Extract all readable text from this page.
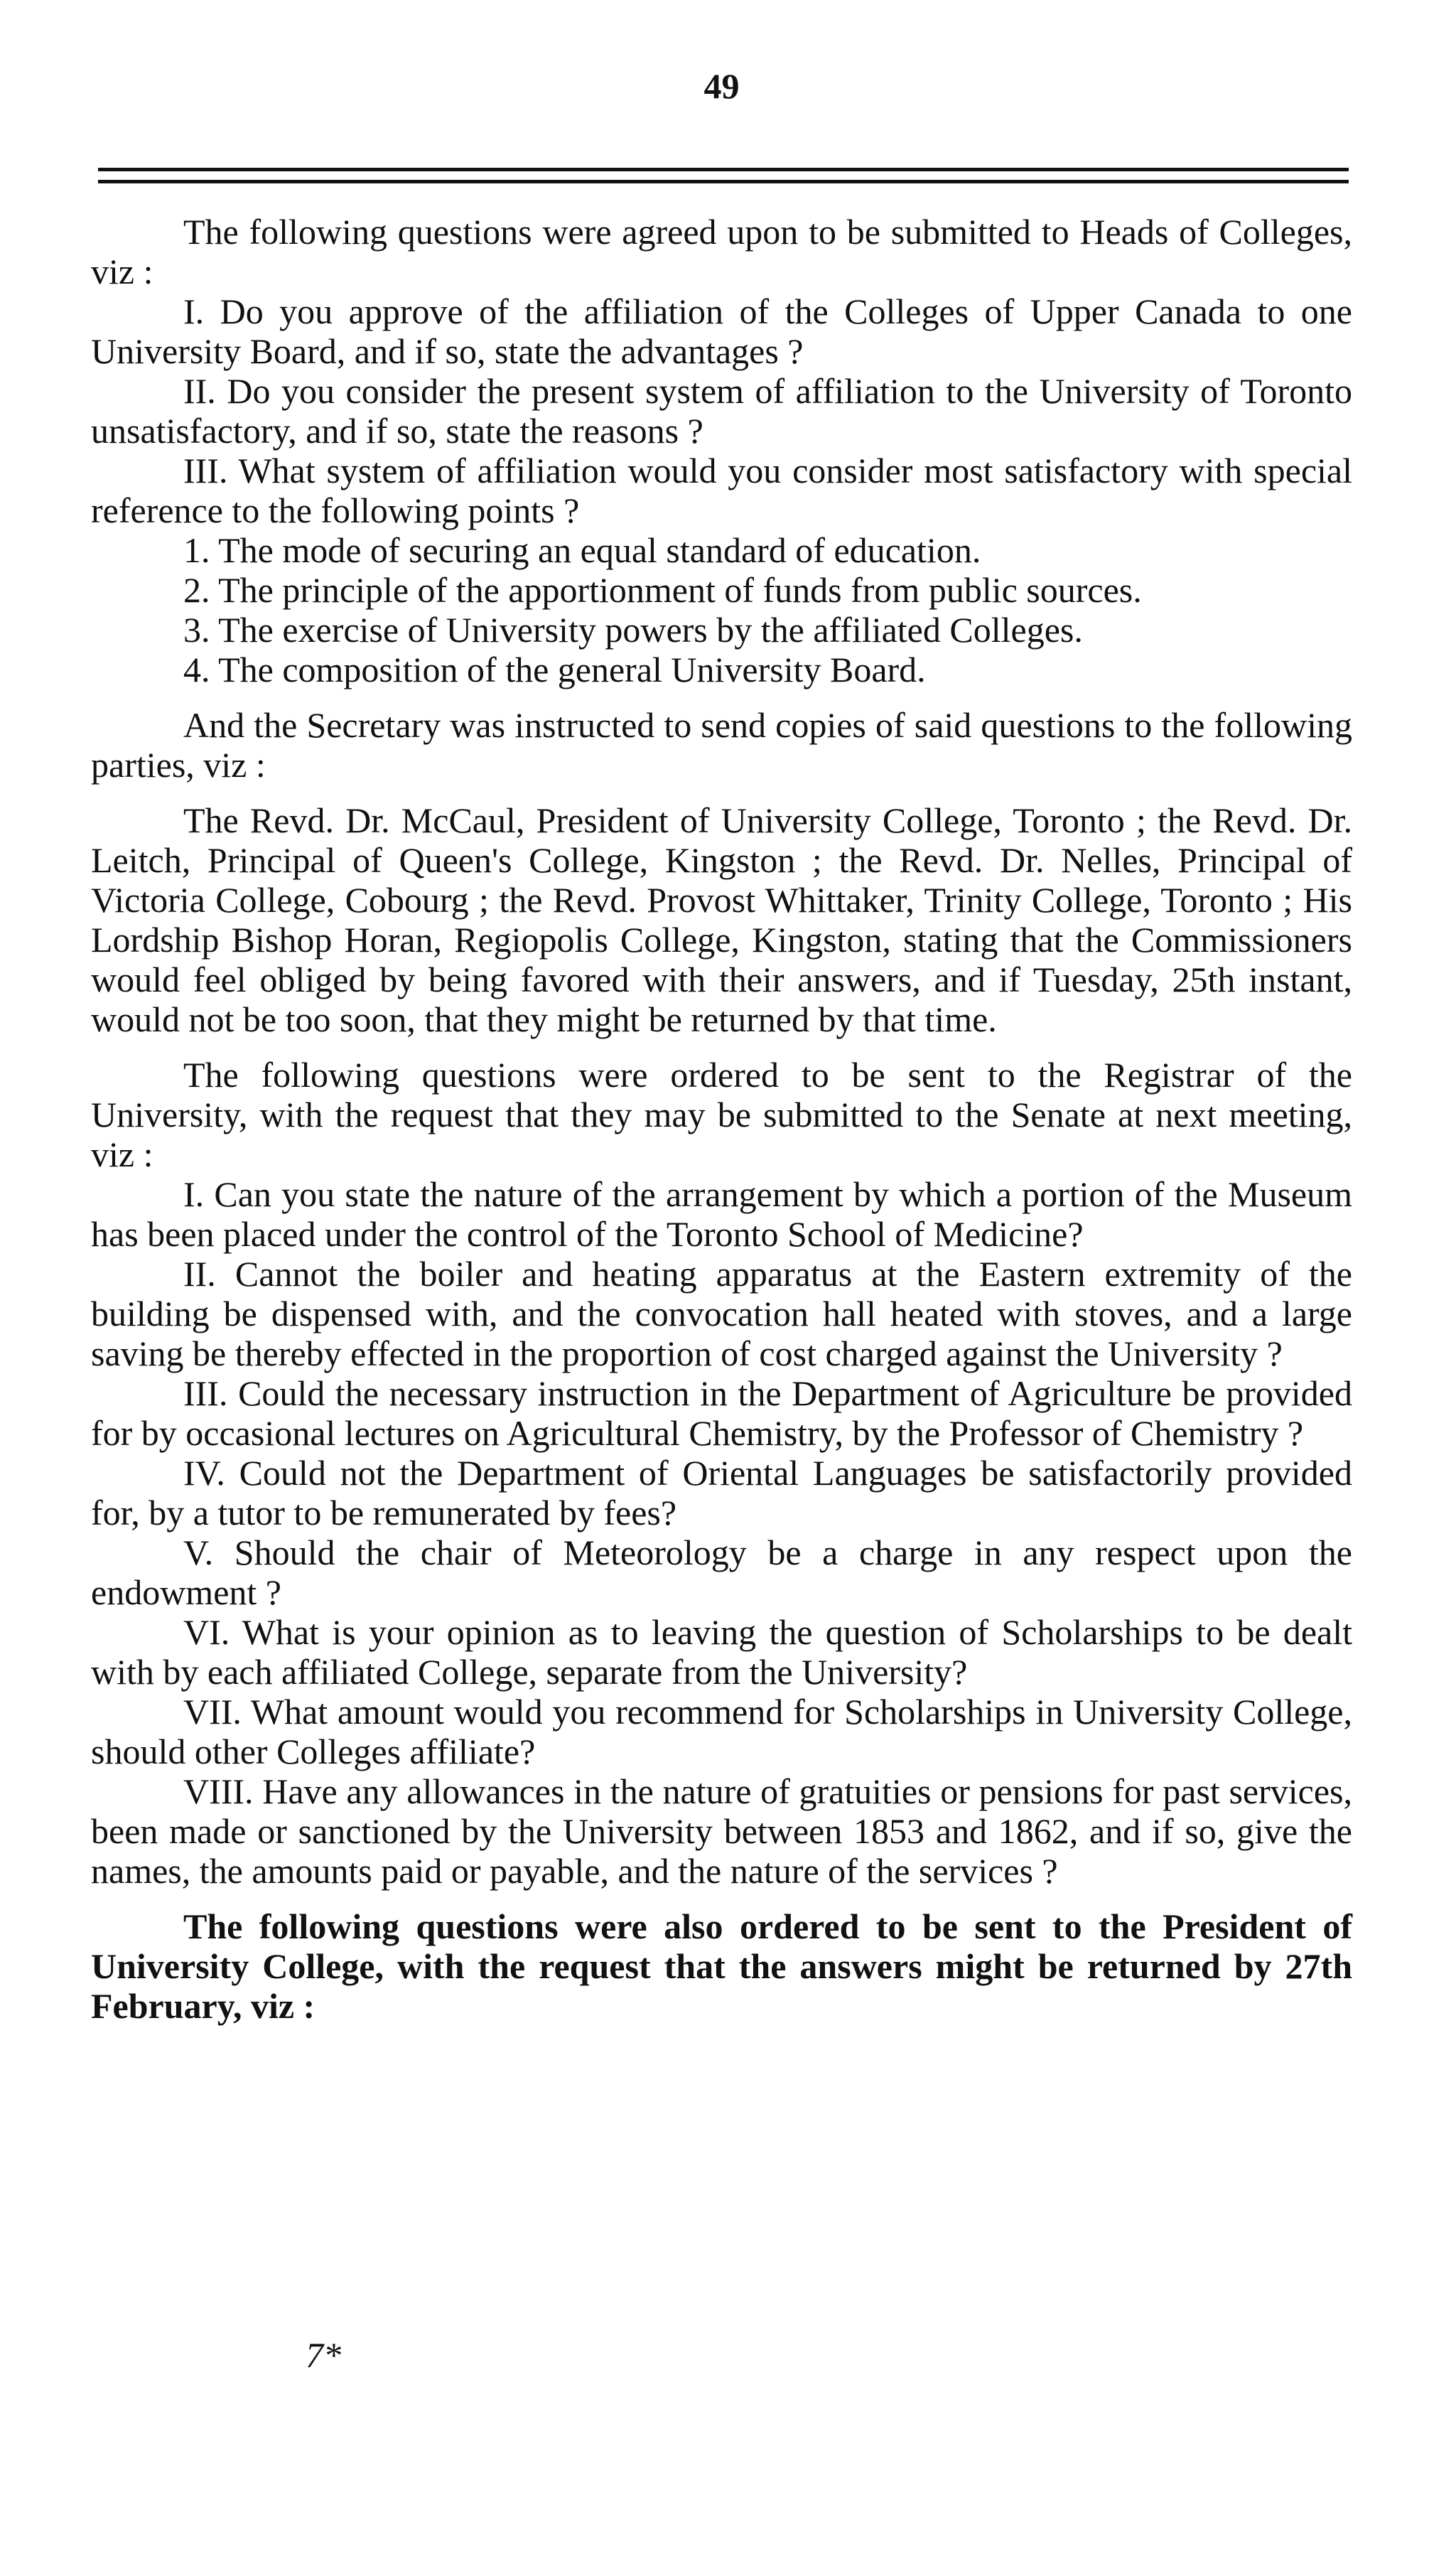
49

The following questions were agreed upon to be submitted to Heads of Colleges, viz :

I. Do you approve of the affiliation of the Colleges of Upper Canada to one University Board, and if so, state the advantages ?

II. Do you consider the present system of affiliation to the University of Toronto unsatisfactory, and if so, state the reasons ?

III. What system of affiliation would you consider most satisfactory with special reference to the following points ?

1. The mode of securing an equal standard of education.

2. The principle of the apportionment of funds from public sources.

3. The exercise of University powers by the affiliated Colleges.

4. The composition of the general University Board.

And the Secretary was instructed to send copies of said questions to the following parties, viz :

The Revd. Dr. McCaul, President of University College, Toronto ; the Revd. Dr. Leitch, Principal of Queen's College, Kingston ; the Revd. Dr. Nelles, Principal of Victoria College, Cobourg ; the Revd. Provost Whittaker, Trinity College, Toronto ; His Lordship Bishop Horan, Regiopolis College, Kingston, stating that the Commissioners would feel obliged by being favored with their answers, and if Tuesday, 25th instant, would not be too soon, that they might be returned by that time.

The following questions were ordered to be sent to the Registrar of the University, with the request that they may be submitted to the Senate at next meeting, viz :

I. Can you state the nature of the arrangement by which a portion of the Museum has been placed under the control of the Toronto School of Medicine?

II. Cannot the boiler and heating apparatus at the Eastern extremity of the building be dispensed with, and the convocation hall heated with stoves, and a large saving be thereby effected in the proportion of cost charged against the University ?

III. Could the necessary instruction in the Department of Agriculture be provided for by occasional lectures on Agricultural Chemistry, by the Professor of Chemistry ?

IV. Could not the Department of Oriental Languages be satisfactorily provided for, by a tutor to be remunerated by fees?

V. Should the chair of Meteorology be a charge in any respect upon the endowment ?

VI. What is your opinion as to leaving the question of Scholarships to be dealt with by each affiliated College, separate from the University?

VII. What amount would you recommend for Scholarships in University College, should other Colleges affiliate?

VIII. Have any allowances in the nature of gratuities or pensions for past services, been made or sanctioned by the University between 1853 and 1862, and if so, give the names, the amounts paid or payable, and the nature of the services ?

The following questions were also ordered to be sent to the President of University College, with the request that the answers might be returned by 27th February, viz :

7*
